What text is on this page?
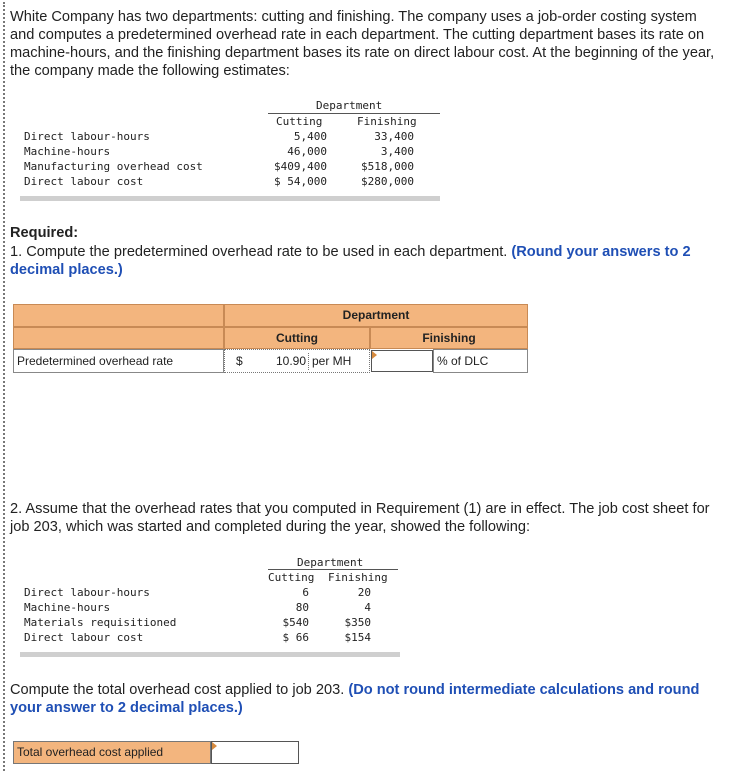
White Company has two departments: cutting and finishing. The company uses a job-order costing system and computes a predetermined overhead rate in each department. The cutting department bases its rate on machine-hours, and the finishing department bases its rate on direct labour cost. At the beginning of the year, the company made the following estimates:

Department
Cutting	Finishing
Direct labour-hours	5,400	33,400
Machine-hours	46,000	3,400
Manufacturing overhead cost	$409,400	$518,000
Direct labour cost	$ 54,000	$280,000
Required:

1. Compute the predetermined overhead rate to be used in each department. (Round your answers to 2 decimal places.)

Department
Cutting	Finishing
Predetermined overhead rate	$	10.90 per MH	% of DLC

2. Assume that the overhead rates that you computed in Requirement (1) are in effect. The job cost sheet for job 203, which was started and completed during the year, showed the following:

Department
Cutting Finishing
Direct labour-hours	6	20
Machine-hours	80	4
Materials requisitioned	$540	$350
Direct labour cost	$ 66	$154

Compute the total overhead cost applied to job 203. (Do not round intermediate calculations and round your answer to 2 decimal places.)

Total overhead cost applied
